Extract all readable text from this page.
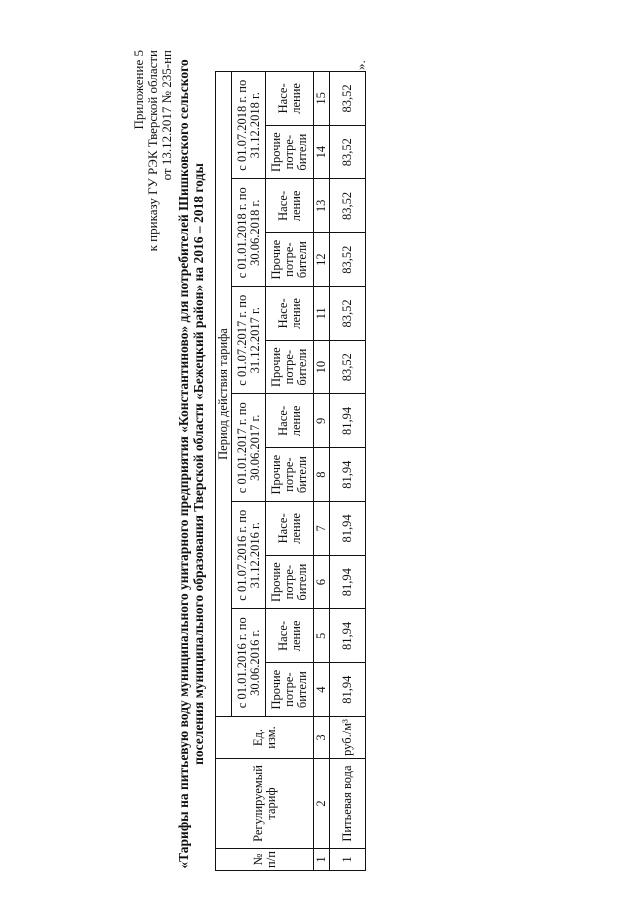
Приложение 5 к приказу ГУ РЭК Тверской области от 13.12.2017 № 235-нп «Тарифы на питьевую воду муниципального унитарного предприятия «Константиново» для потребителей Шишковского сельского поселения муниципального образования Тверской области «Бежецкий район» на 2016 – 2018 годы
№ п/п	Регулируемый тариф	Ед. изм.	Период действия тарифа											
			с 01.01.2016 г. по 30.06.2016 г.		с 01.07.2016 г. по 31.12.2016 г.		с 01.01.2017 г. по 30.06.2017 г.		с 01.07.2017 г. по 31.12.2017 г.		с 01.01.2018 г. по 30.06.2018 г.		с 01.07.2018 г. по 31.12.2018 г.	
			Прочие потре- бители	Насе- ление	Прочие потре- бители	Насе- ление	Прочие потре- бители	Насе- ление	Прочие потре- бители	Насе- ление	Прочие потре- бители	Насе- ление	Прочие потре- бители	Насе- ление
1	2	3	4	5	6	7	8	9	10	11	12	13	14	15
1	Питьевая вода	руб./м³	81,94	81,94	81,94	81,94	81,94	81,94	83,52	83,52	83,52	83,52	83,52	83,52
».
